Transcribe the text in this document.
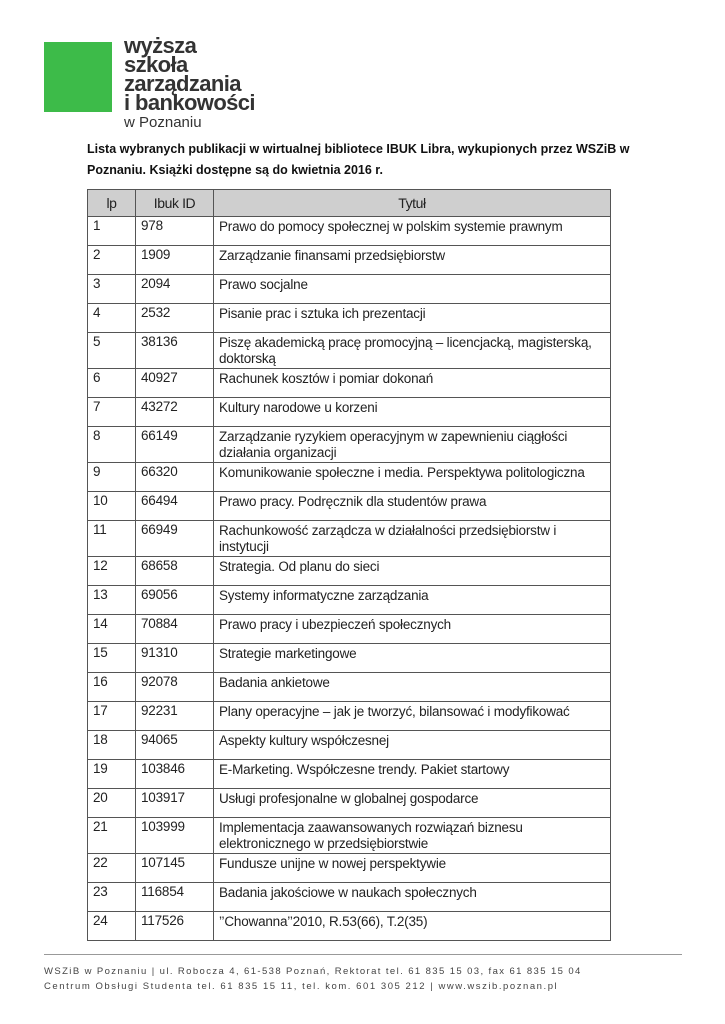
wyższa
szkoła
zarządzania
i bankowości
w Poznaniu
Lista wybranych publikacji w wirtualnej bibliotece IBUK Libra, wykupionych przez WSZiB w Poznaniu. Książki dostępne są do kwietnia 2016 r.
lp	Ibuk ID	Tytuł
1	978	Prawo do pomocy społecznej w polskim systemie prawnym
2	1909	Zarządzanie finansami przedsiębiorstw
3	2094	Prawo socjalne
4	2532	Pisanie prac i sztuka ich prezentacji
5	38136	Piszę akademicką pracę promocyjną – licencjacką, magisterską, doktorską
6	40927	Rachunek kosztów i pomiar dokonań
7	43272	Kultury narodowe u korzeni
8	66149	Zarządzanie ryzykiem operacyjnym w zapewnieniu ciągłości działania organizacji
9	66320	Komunikowanie społeczne i media. Perspektywa politologiczna
10	66494	Prawo pracy. Podręcznik dla studentów prawa
11	66949	Rachunkowość zarządcza w działalności przedsiębiorstw i instytucji
12	68658	Strategia. Od planu do sieci
13	69056	Systemy informatyczne zarządzania
14	70884	Prawo pracy i ubezpieczeń społecznych
15	91310	Strategie marketingowe
16	92078	Badania ankietowe
17	92231	Plany operacyjne – jak je tworzyć, bilansować i modyfikować
18	94065	Aspekty kultury współczesnej
19	103846	E-Marketing. Współczesne trendy. Pakiet startowy
20	103917	Usługi profesjonalne w globalnej gospodarce
21	103999	Implementacja zaawansowanych rozwiązań biznesu elektronicznego w przedsiębiorstwie
22	107145	Fundusze unijne w nowej perspektywie
23	116854	Badania jakościowe w naukach społecznych
24	117526	’’Chowanna’’2010, R.53(66), T.2(35)
WSZiB w Poznaniu | ul. Robocza 4, 61-538 Poznań, Rektorat tel. 61 835 15 03, fax 61 835 15 04
Centrum Obsługi Studenta tel. 61 835 15 11, tel. kom. 601 305 212 | www.wszib.poznan.pl
